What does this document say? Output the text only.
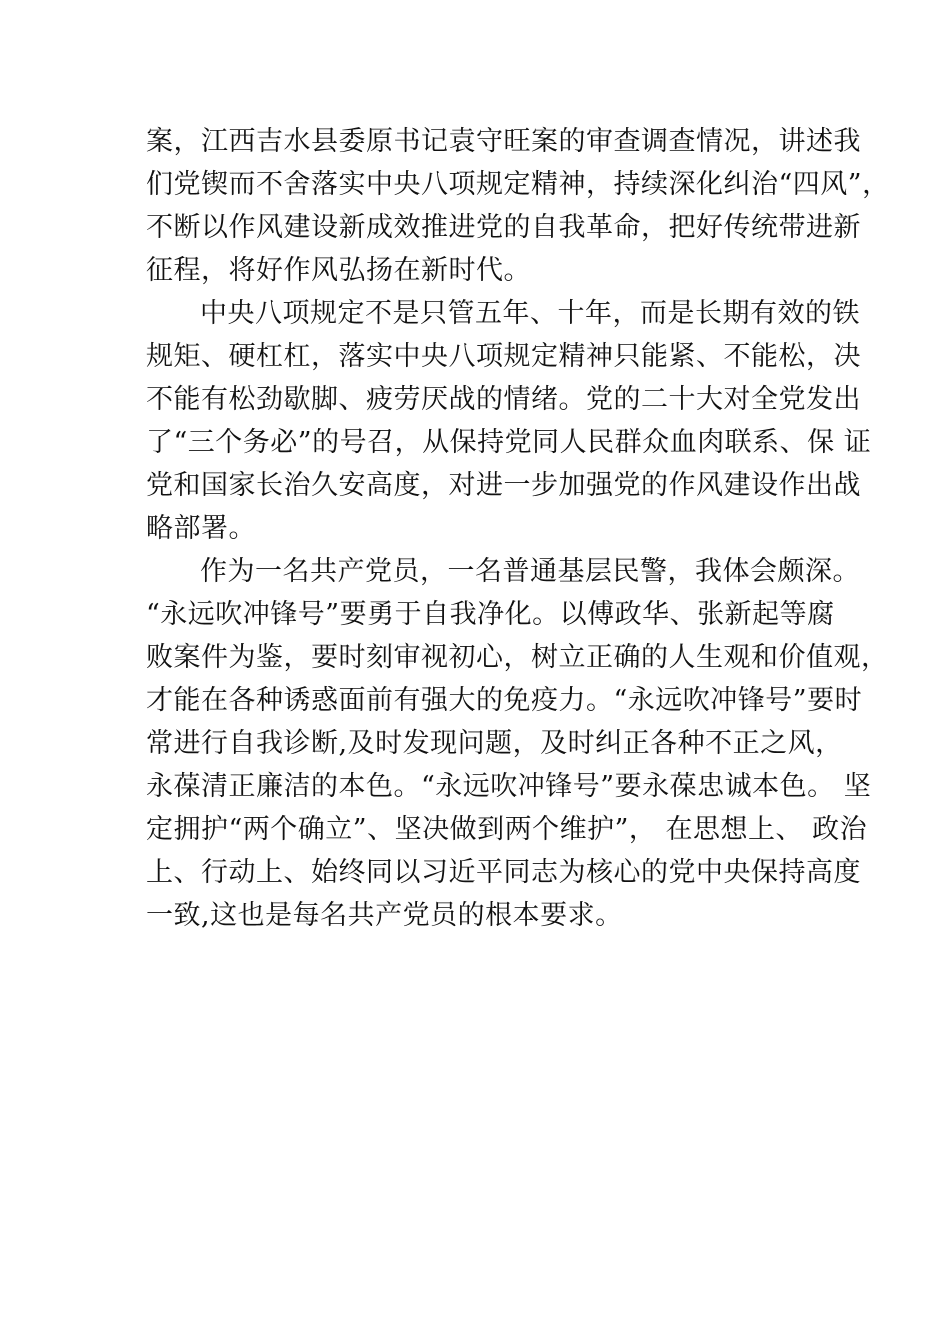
案，江西吉水县委原书记袁守旺案的审查调查情况，讲述我
们党锲而不舍落实中央八项规定精神，持续深化纠治“四风”，
不断以作风建设新成效推进党的自我革命，把好传统带进新
征程，将好作风弘扬在新时代。
中央八项规定不是只管五年、十年，而是长期有效的铁
规矩、硬杠杠，落实中央八项规定精神只能紧、不能松，决
不能有松劲歇脚、疲劳厌战的情绪。党的二十大对全党发出
了“三个务必”的号召，从保持党同人民群众血肉联系、保 证
党和国家长治久安高度，对进一步加强党的作风建设作出战
略部署。
作为一名共产党员，一名普通基层民警，我体会颇深。
“永远吹冲锋号”要勇于自我净化。以傅政华、张新起等腐
败案件为鉴，要时刻审视初心，树立正确的人生观和价值观，
才能在各种诱惑面前有强大的免疫力。“永远吹冲锋号”要时
常进行自我诊断,及时发现问题，及时纠正各种不正之风，
永葆清正廉洁的本色。“永远吹冲锋号”要永葆忠诚本色。 坚
定拥护“两个确立”、坚决做到两个维护”， 在思想上、 政治
上、行动上、始终同以习近平同志为核心的党中央保持高度
一致,这也是每名共产党员的根本要求。
